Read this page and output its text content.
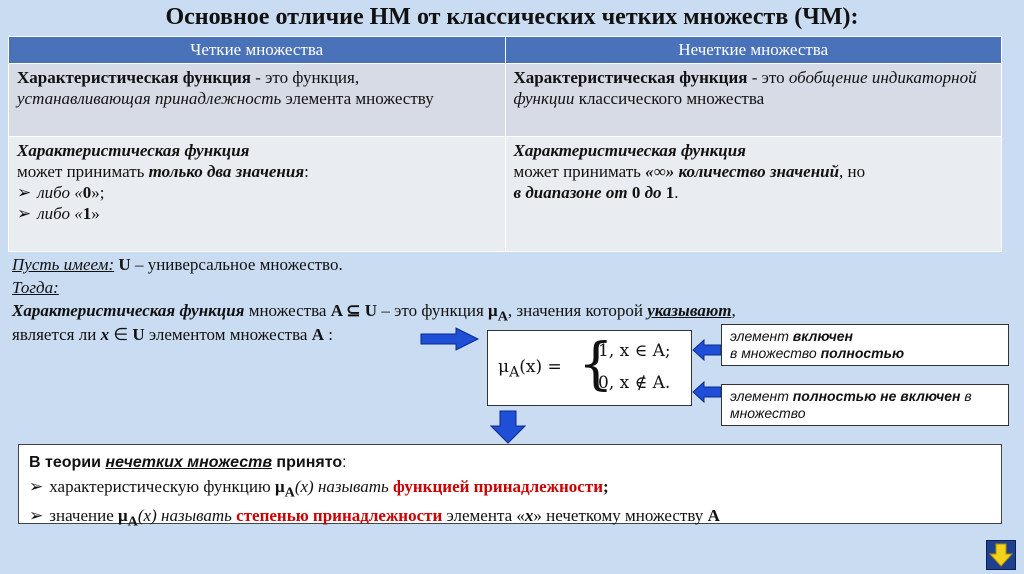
Основное отличие НМ от классических четких множеств (ЧМ):
Четкие множества	Нечеткие множества
Характеристическая функция - это функция,
устанавливающая принадлежность элемента множеству	Характеристическая функция - это обобщение индикаторной функции классического множества
Характеристическая функция
может принимать только два значения:
➢ либо «0»;
➢ либо «1»	Характеристическая функция
может принимать «∞» количество значений, но
в диапазоне от 0 до 1.
Пусть имеем: U – универсальное множество.
Тогда:
Характеристическая функция множества A ⊆ U – это функция $\mu_A$, значения которой указывают,
является ли x ∈ U элементом множества A :
$\mu_A(x)$ = {
1, x ∈ A;
0, x ∉ A.
элемент включен
в множество полностью
элемент полностью не включен в множество
В теории нечетких множеств принято:
➢ характеристическую функцию $\mu_A(x)$ называть функцией принадлежности;
➢ значение $\mu_A(x)$ называть степенью принадлежности элемента «x» нечеткому множеству A
